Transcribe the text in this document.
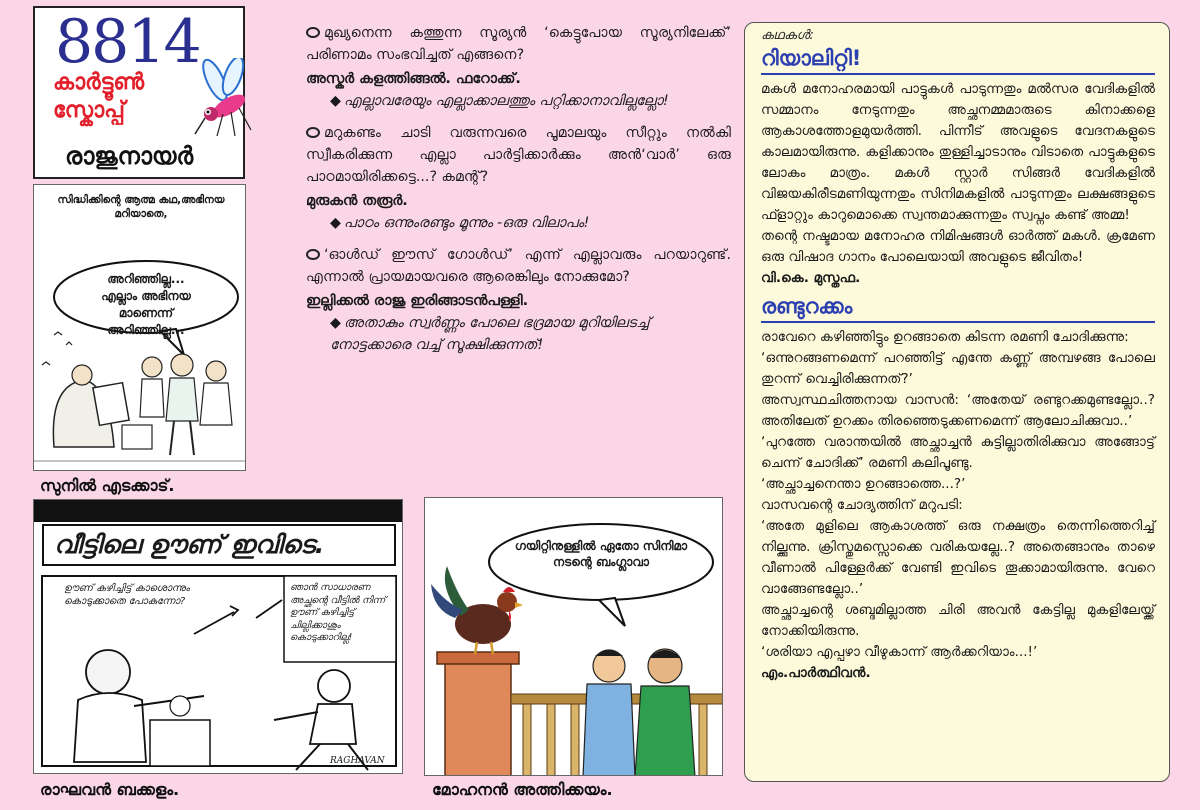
8814
കാർട്ടൂൺ
സ്കോപ്പ്
രാജുനായർ
സിദ്ധിക്കിന്റെ ആത്മ കഥ,അഭിനയ മറിയാതെ,
അറിഞ്ഞില്ല... എല്ലാം അഭിനയ മാണെന്ന് അറിഞ്ഞില്ല...
സുനിൽ എടക്കാട്.
വീട്ടിലെ ഊണ് ഇവിടെ.
ഊണ് കഴിച്ചിട്ട് കാശൊന്നും കൊടുക്കാതെ പോകുന്നോ?
ഞാൻ സാധാരണ അച്ഛന്റെ വീട്ടിൽ നിന്ന് ഊണ് കഴിച്ചിട്ട് ചില്ലിക്കാശും കൊടുക്കാറില്ല!
RAGHAVAN
രാഘവൻ ബക്കളം.
ഗയിറ്റിനുള്ളിൽ ഏതോ സിനിമാ നടന്റെ ബംഗ്ലാവാ
മോഹനൻ അത്തിക്കയം.

മുഖ്യനെന്ന കത്തുന്ന സൂര്യൻ ‘കെട്ടുപോയ സൂര്യനിലേക്ക്’ പരിണാമം സംഭവിച്ചത് എങ്ങനെ?

അസ്കർ കളത്തിങ്ങൽ. ഫറോക്ക്.

◆ എല്ലാവരേയും എല്ലാക്കാലത്തും പറ്റിക്കാനാവില്ലല്ലോ!

മറുകണ്ടം ചാടി വരുന്നവരെ പൂമാലയും സീറ്റും നൽകി സ്വീകരിക്കുന്ന എല്ലാ പാർട്ടിക്കാർക്കും അൻ‘വാർ’ ഒരു പാഠമായിരിക്കട്ടെ...? കമന്റ്?

മുരുകൻ തരൂർ.

◆ പാഠം ഒന്നുംരണ്ടും മൂന്നും -ഒരു വിലാപം!

‘ഓൾഡ് ഈസ് ഗോൾഡ്’ എന്ന് എല്ലാവരും പറയാറുണ്ട്. എന്നാൽ പ്രായമായവരെ ആരെങ്കിലും നോക്കുമോ?

ഇല്ലിക്കൽ രാജു ഇരിങ്ങാടൻപള്ളി.

◆ അതാകും സ്വർണ്ണം പോലെ ഭദ്രമായ മുറിയിലടച്ച് നോട്ടക്കാരെ വച്ച് സൂക്ഷിക്കുന്നത്!

കഥകൾ:
റിയാലിറ്റി!

മകൾ മനോഹരമായി പാട്ടുകൾ പാടുന്നതും മൽസര വേദികളിൽ സമ്മാനം നേടുന്നതും അച്ഛനമ്മമാരുടെ കിനാക്കളെ ആകാശത്തോളമുയർത്തി. പിന്നീട് അവളുടെ വേദനകളുടെ കാലമായിരുന്നു. കളിക്കാനും തുള്ളിച്ചാടാനും വിടാതെ പാട്ടുകളുടെ ലോകം മാത്രം. മകൾ സ്റ്റാർ സിങ്ങർ വേദികളിൽ വിജയകിരീടമണിയുന്നതും സിനിമകളിൽ പാടുന്നതും ലക്ഷങ്ങളുടെ ഫ്ളാറ്റും കാറുമൊക്കെ സ്വന്തമാക്കുന്നതും സ്വപ്നം കണ്ട് അമ്മ!

തന്റെ നഷ്ടമായ മനോഹര നിമിഷങ്ങൾ ഓർത്ത് മകൾ. ക്രമേണ ഒരു വിഷാദ ഗാനം പോലെയായി അവളുടെ ജീവിതം!

വി.കെ. മുസ്തഫ.

രണ്ടുറക്കം

രാവേറെ കഴിഞ്ഞിട്ടും ഉറങ്ങാതെ കിടന്ന രമണി ചോദിക്കുന്നു:

‘ഒന്നുറങ്ങണമെന്ന് പറഞ്ഞിട്ട് എന്തേ കണ്ണ് അമ്പഴങ്ങ പോലെ തുറന്ന് വെച്ചിരിക്കുന്നത്?’

അസ്വസ്ഥചിത്തനായ വാസൻ: ‘അതേയ് രണ്ടുറക്കമുണ്ടല്ലോ..? അതിലേത് ഉറക്കം തിരഞ്ഞെടുക്കണമെന്ന് ആലോചിക്കുവാ..’

‘പുറത്തേ വരാന്തയിൽ അച്ഛാച്ചൻ കുട്ടില്ലാതിരിക്കുവാ അങ്ങോട്ട് ചെന്ന് ചോദിക്ക്’ രമണി കലിപൂണ്ടു.

‘അച്ഛാച്ചനെന്താ ഉറങ്ങാത്തെ...?’

വാസവന്റെ ചോദ്യത്തിന് മറുപടി:

‘അതേ മുളിലെ ആകാശത്ത് ഒരു നക്ഷത്രം തെന്നിത്തെറിച്ച് നില്ക്കുന്നു. ക്രിസ്തുമസ്സൊക്കെ വരികയല്ലേ..? അതെങ്ങാനും താഴെ വീണാൽ പിള്ളേർക്ക് വേണ്ടി ഇവിടെ തൂക്കാമായിരുന്നു. വേറെ വാങ്ങേണ്ടല്ലോ..’

അച്ഛാച്ചന്റെ ശബ്ദമില്ലാത്ത ചിരി അവൻ കേട്ടില്ല മുകളിലേയ്ക്ക് നോക്കിയിരുന്നു.

‘ശരിയാ എപ്പഴാ വീഴുകാന്ന് ആർക്കറിയാം...!’

എം.പാർത്ഥിവൻ.
